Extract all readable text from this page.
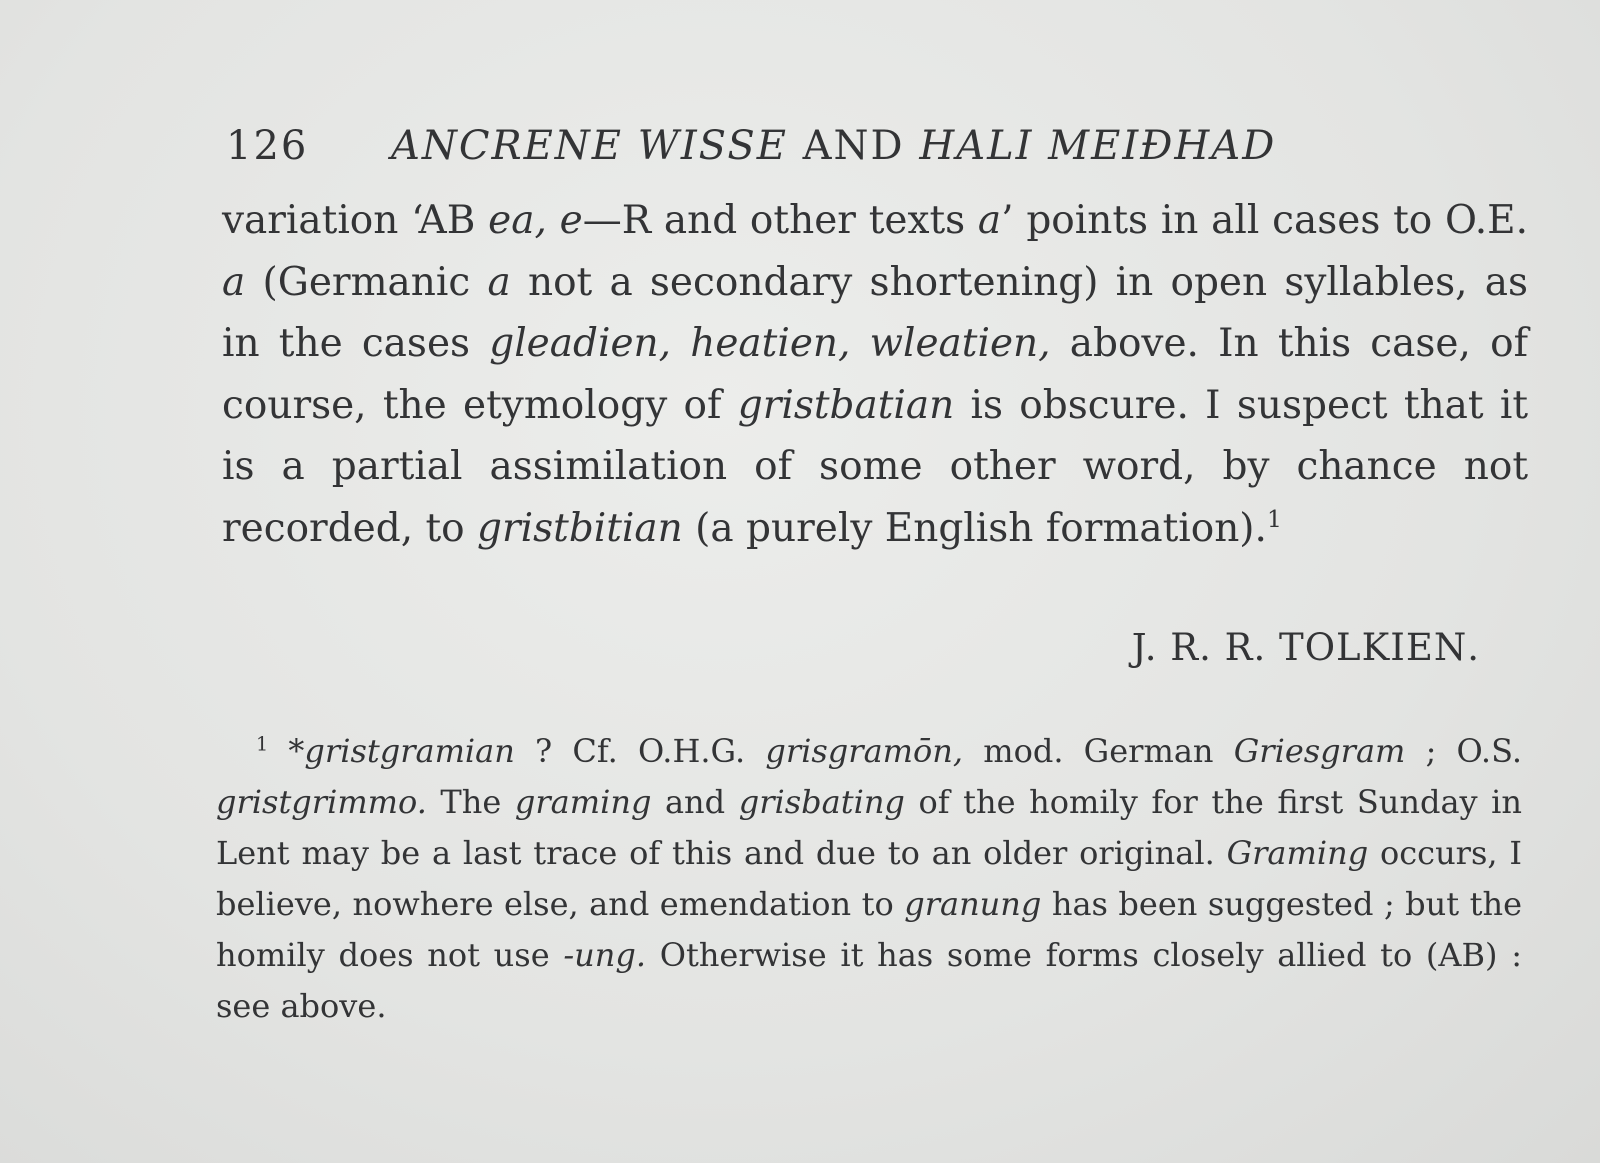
126 ANCRENE WISSE AND HALI MEIÐHAD

variation ‘AB ea, e—R and other texts a’ points in all cases to O.E. a (Germanic a not a secondary shortening) in open syllables, as in the cases gleadien, heatien, wleatien, above. In this case, of course, the etymology of gristbatian is obscure. I suspect that it is a partial assimilation of some other word, by chance not recorded, to gristbitian (a purely English formation).$^1$

J. R. R. TOLKIEN.

$^1$ *gristgramian ? Cf. O.H.G. grisgramōn, mod. German Griesgram ; O.S. gristgrimmo. The graming and grisbating of the homily for the first Sunday in Lent may be a last trace of this and due to an older original. Graming occurs, I believe, nowhere else, and emendation to granung has been suggested ; but the homily does not use -ung. Otherwise it has some forms closely allied to (AB) : see above.
